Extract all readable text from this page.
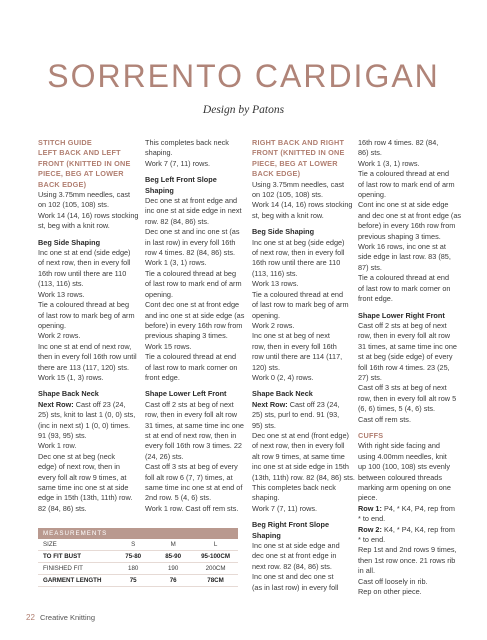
SORRENTO CARDIGAN
Design by Patons
STITCH GUIDE
LEFT BACK AND LEFT
FRONT (KNITTED IN ONE
PIECE, BEG AT LOWER
BACK EDGE)
Using 3.75mm needles, cast
on 102 (105, 108) sts.
Work 14 (14, 16) rows stocking
st, beg with a knit row.
Beg Side Shaping
Inc one st at end (side edge)
of next row, then in every foll
16th row until there are 110
(113, 116) sts.
Work 13 rows.
Tie a coloured thread at beg
of last row to mark beg of arm
opening.
Work 2 rows.
Inc one st at end of next row,
then in every foll 16th row until
there are 113 (117, 120) sts.
Work 15 (1, 3) rows.
Shape Back Neck
Next Row: Cast off 23 (24,
25) sts, knit to last 1 (0, 0) sts,
(inc in next st) 1 (0, 0) times.
91 (93, 95) sts.
Work 1 row.
Dec one st at beg (neck
edge) of next row, then in
every foll alt row 9 times, at
same time inc one st at side
edge in 15th (13th, 11th) row.
82 (84, 86) sts.
This completes back neck
shaping.
Work 7 (7, 11) rows.
Beg Left Front Slope
Shaping
Dec one st at front edge and
inc one st at side edge in next
row. 82 (84, 86) sts.
Dec one st and inc one st (as
in last row) in every foll 16th
row 4 times. 82 (84, 86) sts.
Work 1 (3, 1) rows.
Tie a coloured thread at beg
of last row to mark end of arm
opening.
Cont dec one st at front edge
and inc one st at side edge (as
before) in every 16th row from
previous shaping 3 times.
Work 15 rows.
Tie a coloured thread at end
of last row to mark corner on
front edge.
Shape Lower Left Front
Cast off 2 sts at beg of next
row, then in every foll alt row
31 times, at same time inc one
st at end of next row, then in
every foll 16th row 3 times. 22
(24, 26) sts.
Cast off 3 sts at beg of every
foll alt row 6 (7, 7) times, at
same time inc one st at end of
2nd row. 5 (4, 6) sts.
Work 1 row. Cast off rem sts.
RIGHT BACK AND RIGHT
FRONT (KNITTED IN ONE
PIECE, BEG AT LOWER
BACK EDGE)
Using 3.75mm needles, cast
on 102 (105, 108) sts.
Work 14 (14, 16) rows stocking
st, beg with a knit row.
Beg Side Shaping
Inc one st at beg (side edge)
of next row, then in every foll
16th row until there are 110
(113, 116) sts.
Work 13 rows.
Tie a coloured thread at end
of last row to mark beg of arm
opening.
Work 2 rows.
Inc one st at beg of next
row, then in every foll 16th
row until there are 114 (117,
120) sts.
Work 0 (2, 4) rows.
Shape Back Neck
Next Row: Cast off 23 (24,
25) sts, purl to end. 91 (93,
95) sts.
Dec one st at end (front edge)
of next row, then in every foll
alt row 9 times, at same time
inc one st at side edge in 15th
(13th, 11th) row. 82 (84, 86) sts.
This completes back neck
shaping.
Work 7 (7, 11) rows.
Beg Right Front Slope
Shaping
Inc one st at side edge and
dec one st at front edge in
next row. 82 (84, 86) sts.
Inc one st and dec one st
(as in last row) in every foll
16th row 4 times. 82 (84,
86) sts.
Work 1 (3, 1) rows.
Tie a coloured thread at end
of last row to mark end of arm
opening.
Cont inc one st at side edge
and dec one st at front edge (as
before) in every 16th row from
previous shaping 3 times.
Work 16 rows, inc one st at
side edge in last row. 83 (85,
87) sts.
Tie a coloured thread at end
of last row to mark corner on
front edge.
Shape Lower Right Front
Cast off 2 sts at beg of next
row, then in every foll alt row
31 times, at same time inc one
st at beg (side edge) of every
foll 16th row 4 times. 23 (25,
27) sts.
Cast off 3 sts at beg of next
row, then in every foll alt row 5
(6, 6) times, 5 (4, 6) sts.
Cast off rem sts.
CUFFS
With right side facing and
using 4.00mm needles, knit
up 100 (100, 108) sts evenly
between coloured threads
marking arm opening on one
piece.
Row 1: P4, * K4, P4, rep from
* to end.
Row 2: K4, * P4, K4, rep from
* to end.
Rep 1st and 2nd rows 9 times,
then 1st row once. 21 rows rib
in all.
Cast off loosely in rib.
Rep on other piece.
MEASUREMENTS
SIZE	S	M	L
TO FIT BUST	75-80	85-90	95-100CM
FINISHED FIT	180	190	200CM
GARMENT LENGTH	75	76	78CM
22 Creative Knitting
